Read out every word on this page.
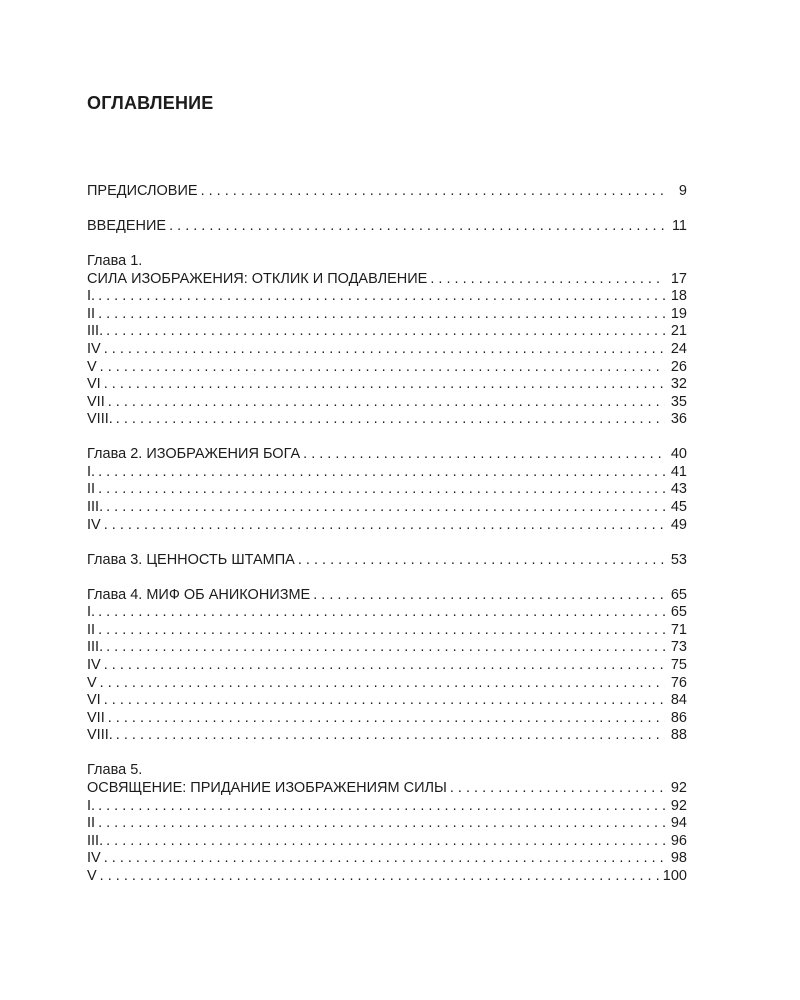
ОГЛАВЛЕНИЕ
ПРЕДИСЛОВИЕ . . .	9
ВВЕДЕНИЕ . . .	11
Глава 1.
СИЛА ИЗОБРАЖЕНИЯ: ОТКЛИК И ПОДАВЛЕНИЕ . . .	17
I. . . .	18
II . . .	19
III. . . .	21
IV . . .	24
V . . .	26
VI . . .	32
VII . . .	35
VIII. . . .	36
Глава 2. ИЗОБРАЖЕНИЯ БОГА . . .	40
I. . . .	41
II . . .	43
III. . . .	45
IV . . .	49
Глава 3. ЦЕННОСТЬ ШТАМПА . . .	53
Глава 4. МИФ ОБ АНИКОНИЗМЕ . . .	65
I. . . .	65
II . . .	71
III. . . .	73
IV . . .	75
V . . .	76
VI . . .	84
VII . . .	86
VIII. . . .	88
Глава 5.
ОСВЯЩЕНИЕ: ПРИДАНИЕ ИЗОБРАЖЕНИЯМ СИЛЫ . . .	92
I. . . .	92
II . . .	94
III. . . .	96
IV . . .	98
V . . .	100
